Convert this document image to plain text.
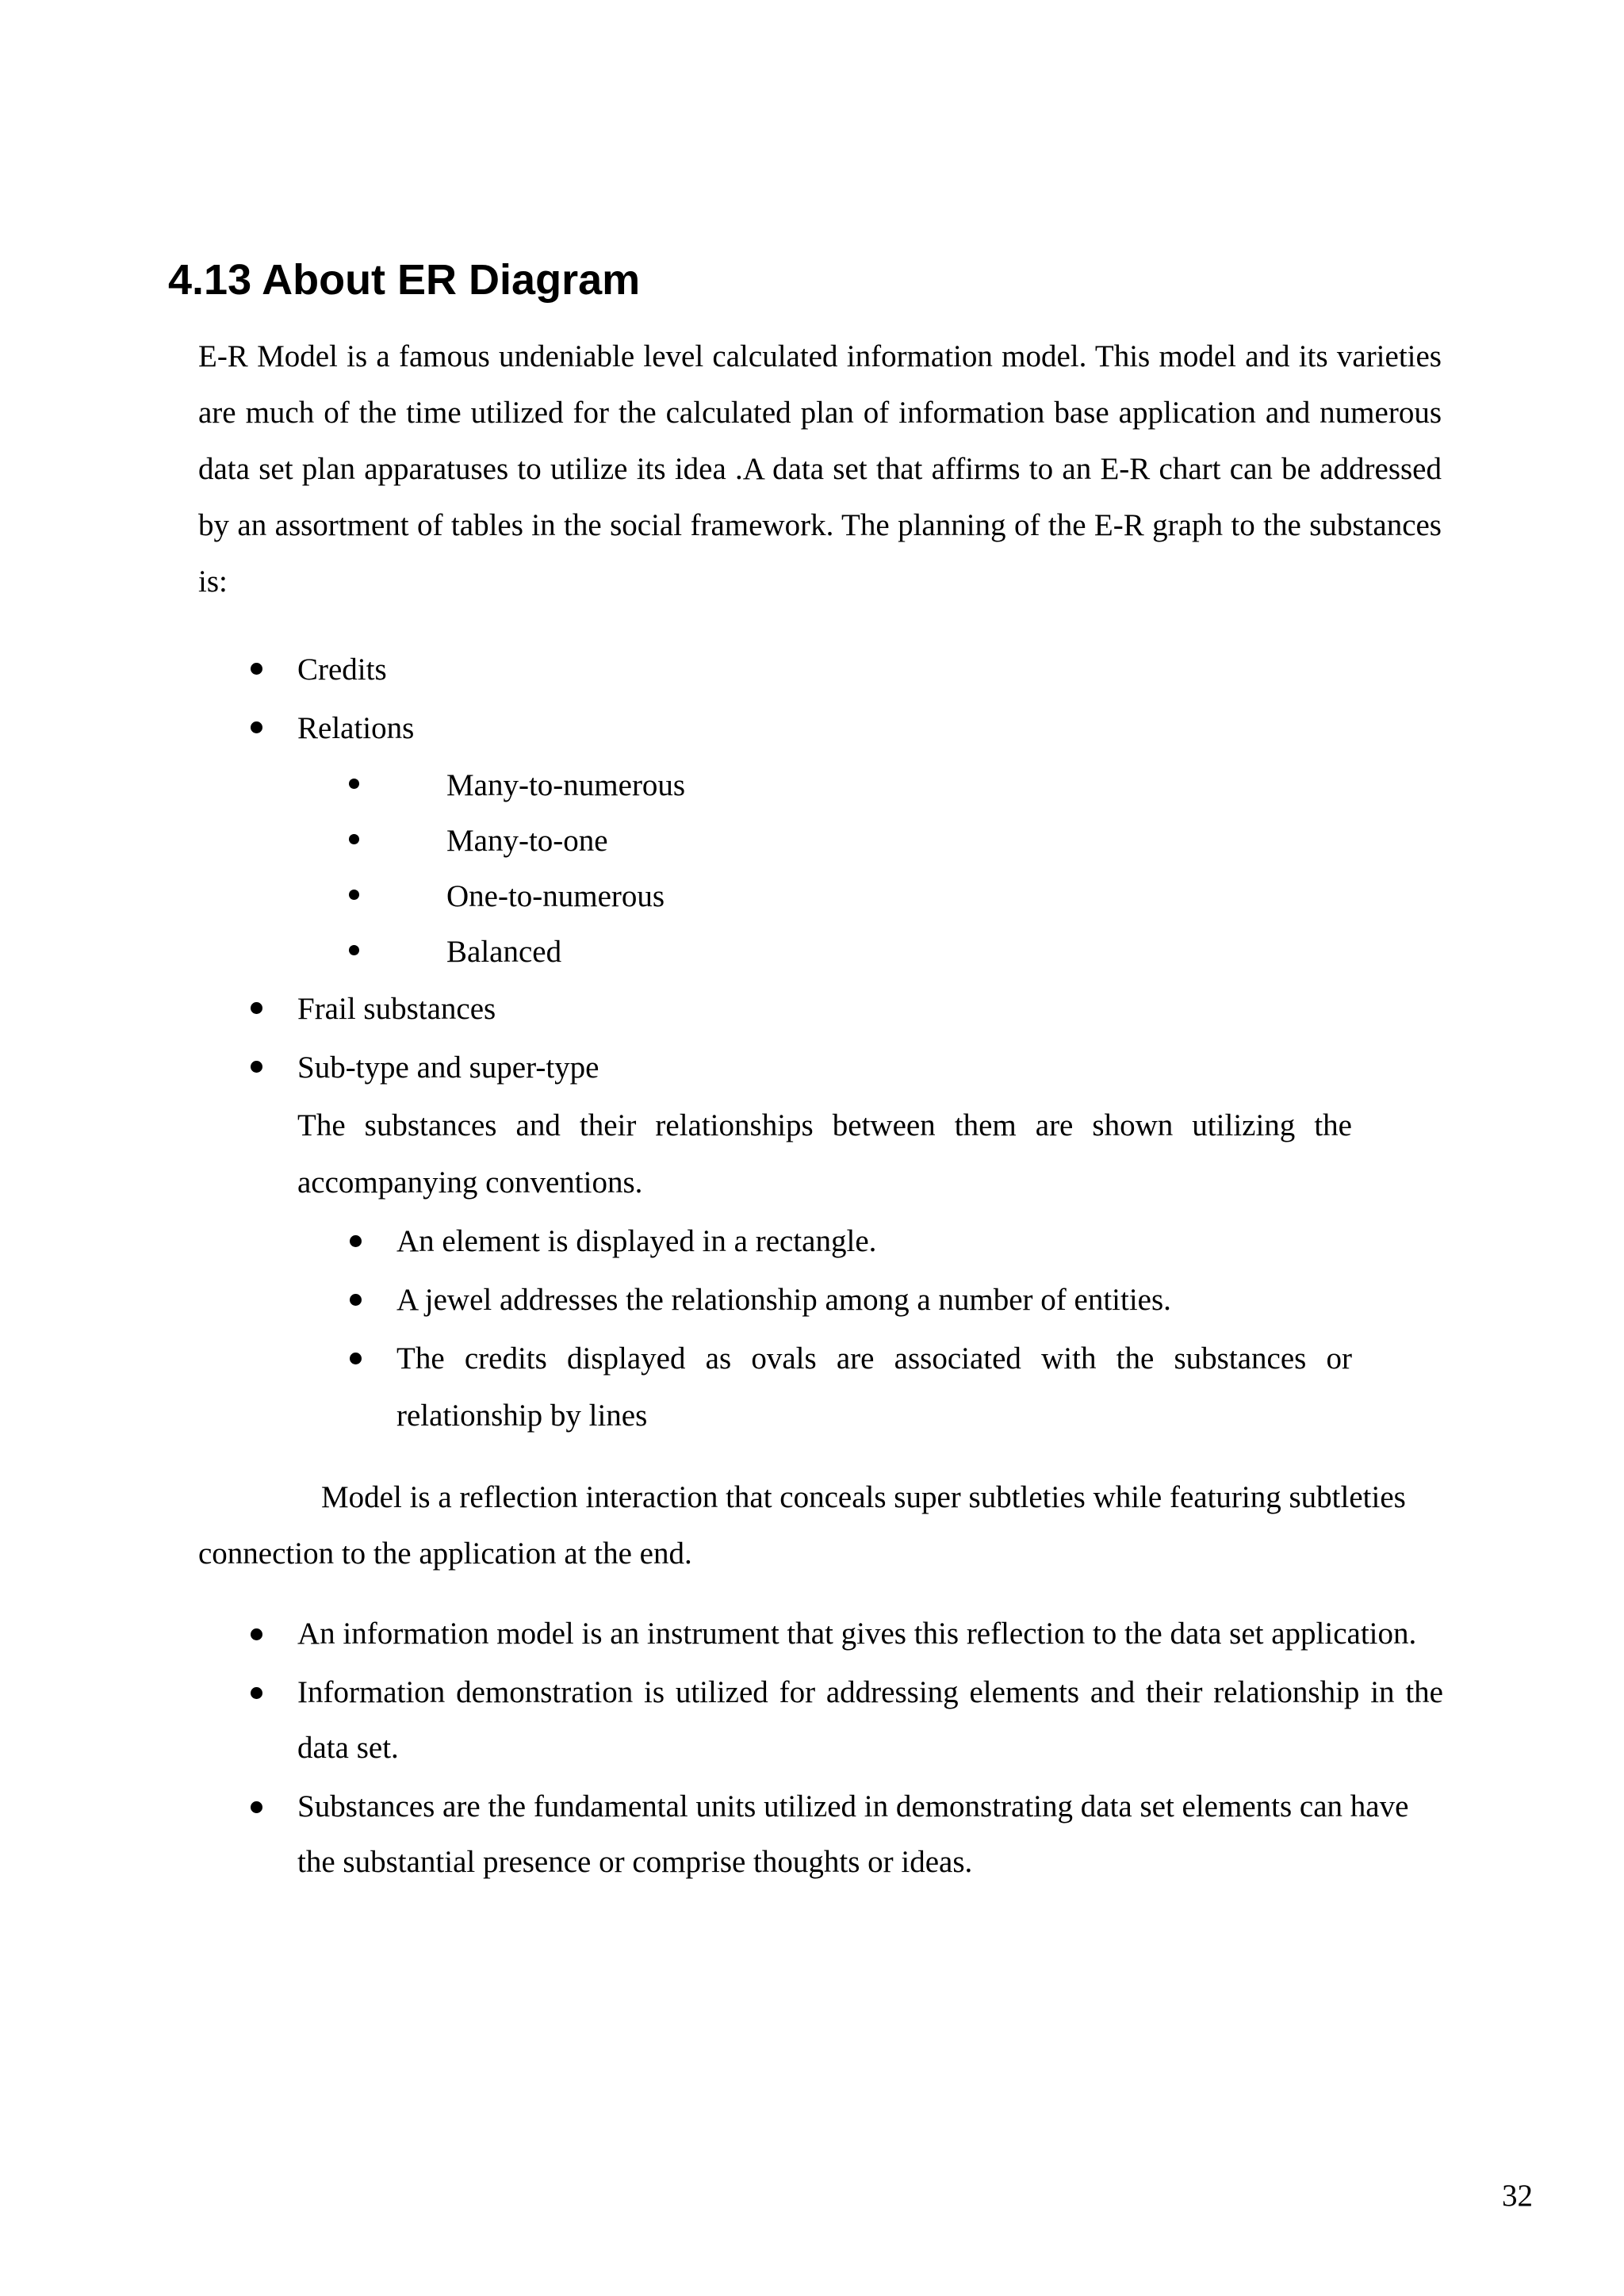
4.13 About ER Diagram

E-R Model is a famous undeniable level calculated information model. This model and its varieties are much of the time utilized for the calculated plan of information base application and numerous data set plan apparatuses to utilize its idea .A data set that affirms to an E-R chart can be addressed by an assortment of tables in the social framework. The planning of the E-R graph to the substances is:

Credits
Relations
Many-to-numerous
Many-to-one
One-to-numerous
Balanced
Frail substances
Sub-type and super-type
The substances and their relationships between them are shown utilizing the accompanying conventions.
An element is displayed in a rectangle.
A jewel addresses the relationship among a number of entities.
The credits displayed as ovals are associated with the substances or relationship by lines

Model is a reflection interaction that conceals super subtleties while featuring subtleties connection to the application at the end.

An information model is an instrument that gives this reflection to the data set application.
Information demonstration is utilized for addressing elements and their relationship in the data set.
Substances are the fundamental units utilized in demonstrating data set elements can have
the substantial presence or comprise thoughts or ideas.

32
